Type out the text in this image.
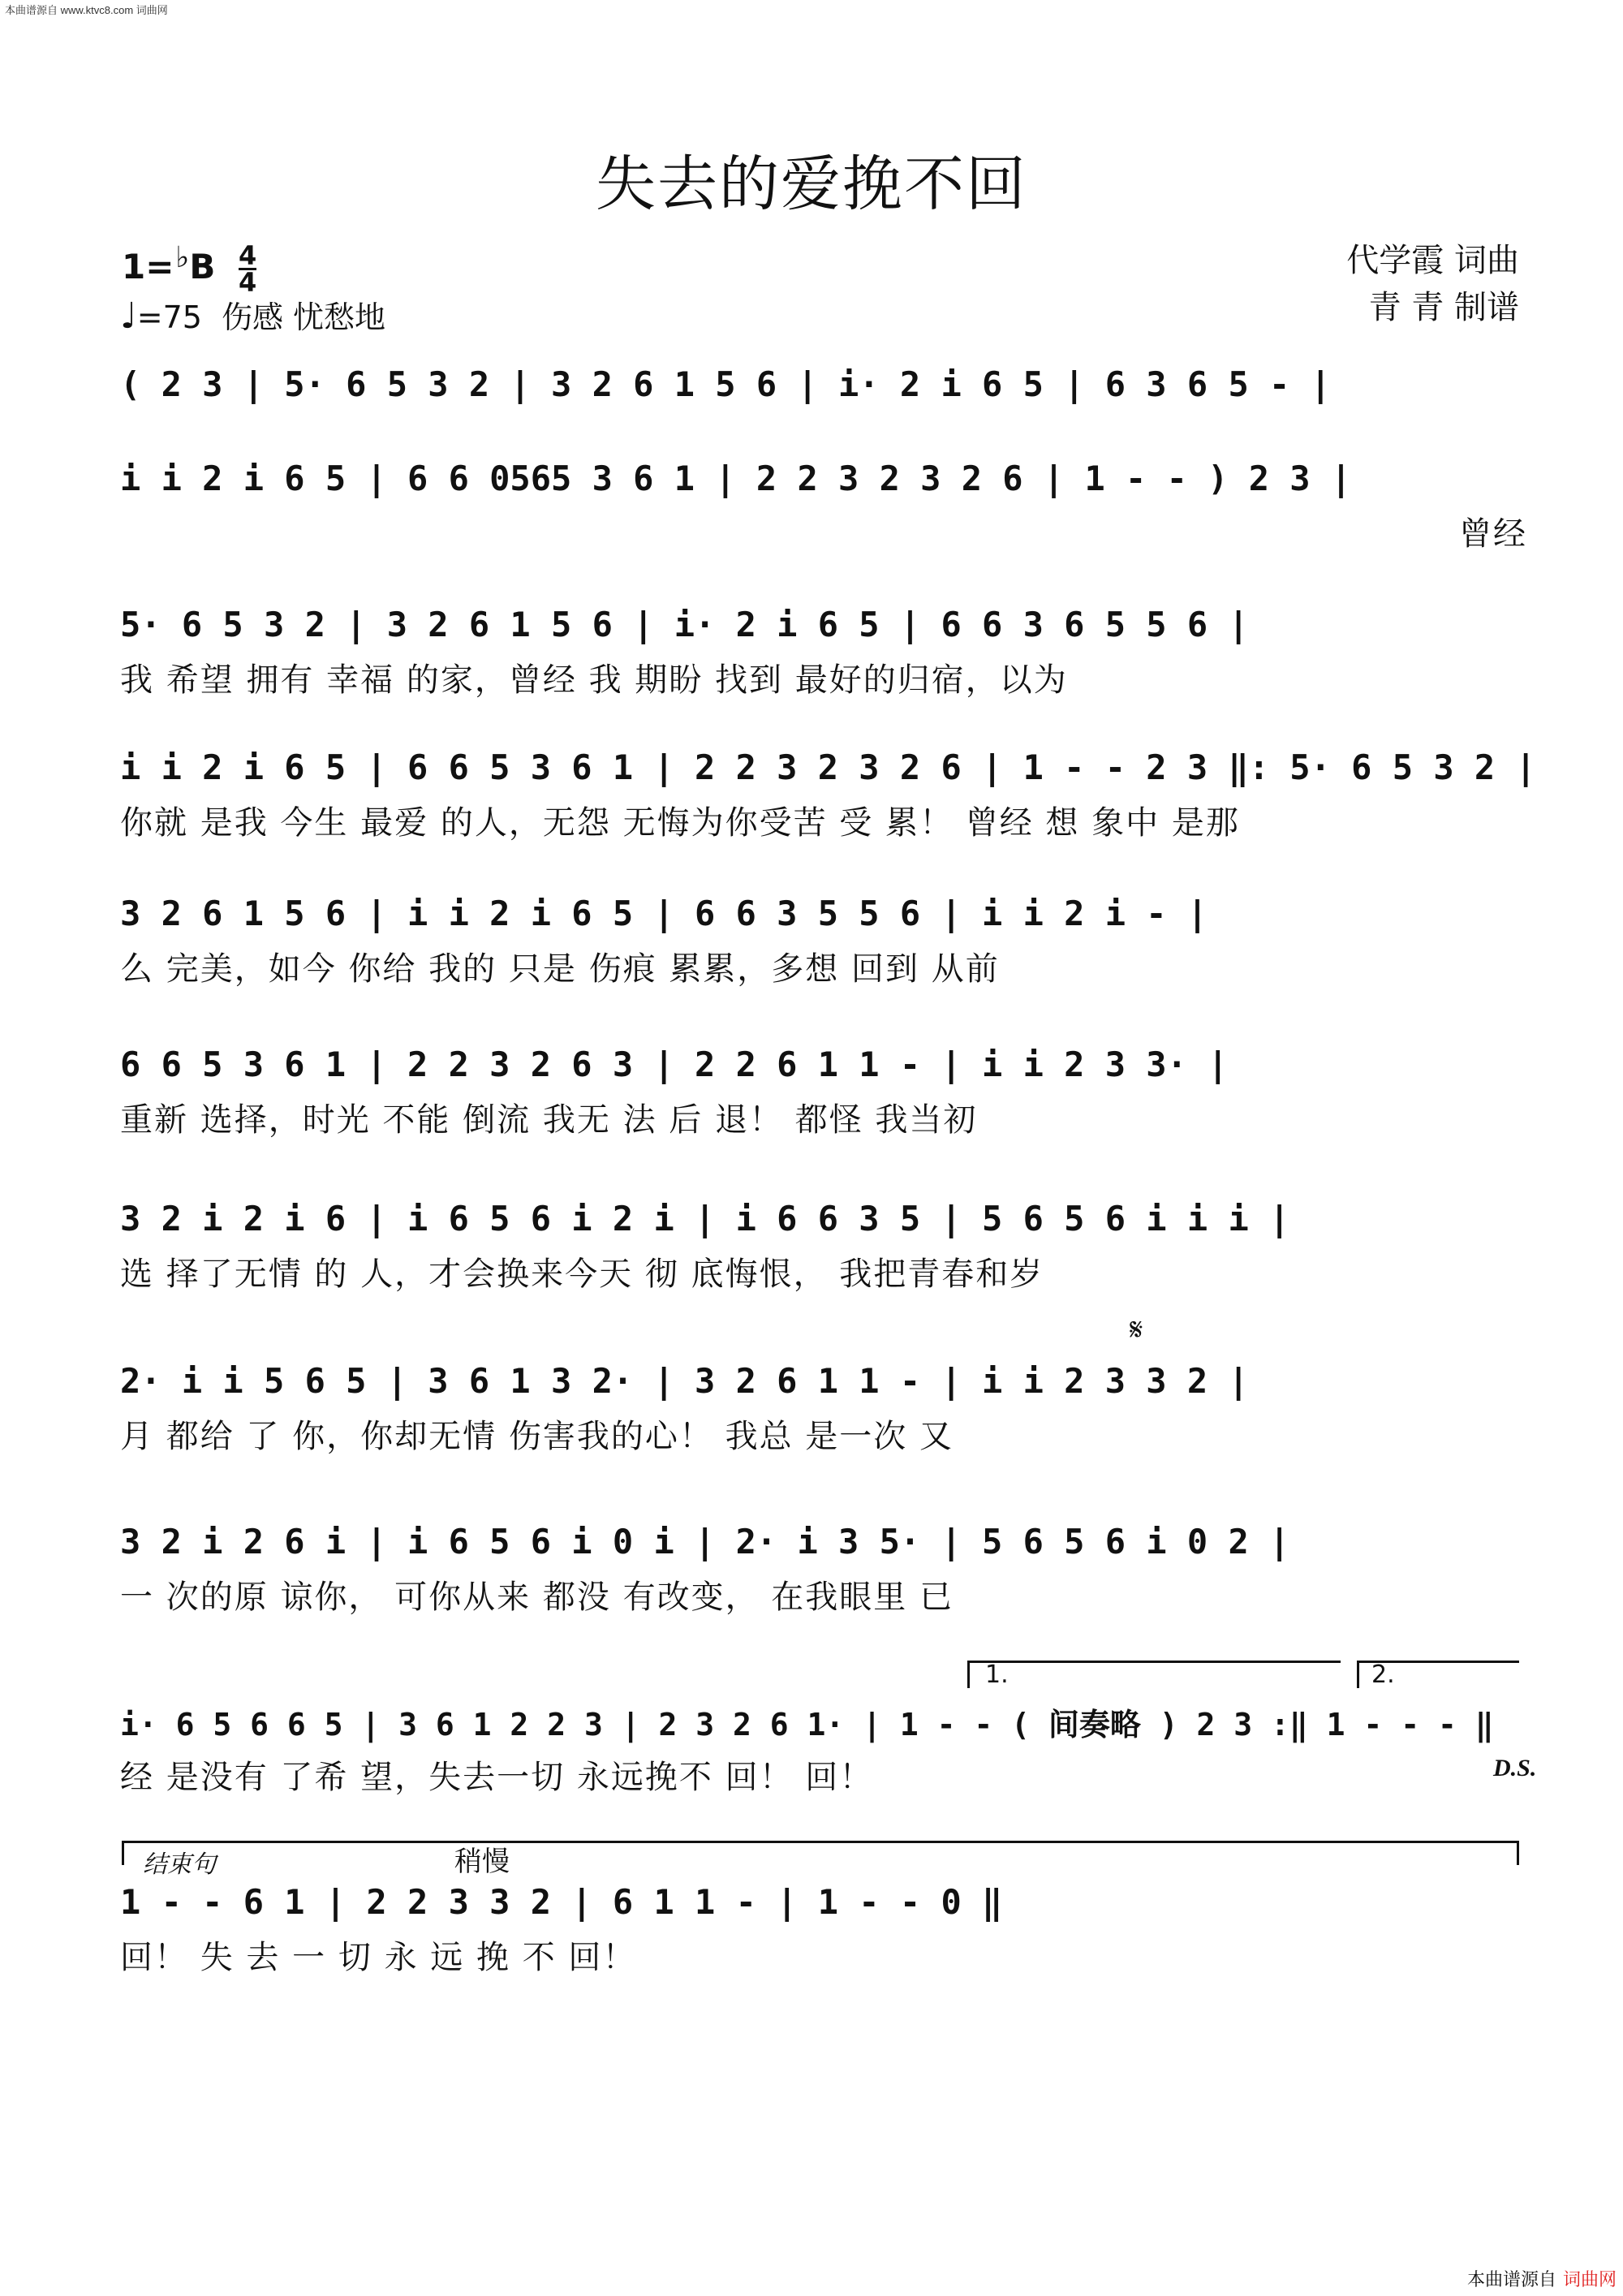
本曲谱源自 www.ktvc8.com 词曲网
失去的爱挽不回
1=♭B $\frac{4}{4}$
♩=75 伤感 忧愁地
代学霞 词曲
青 青 制谱
( 2 3 | 5· 6 5 3 2 | 3 2 6 1 5 6 | i· 2 i 6 5 | 6 3 6 5 - |
i i 2 i 6 5 | 6 6 0565 3 6 1 | 2 2 3 2 3 2 6 | 1 - - ) 2 3 |
曾经
5· 6 5 3 2 | 3 2 6 1 5 6 | i· 2 i 6 5 | 6 6 3 6 5 5 6 |
我 希望 拥有 幸福 的家，曾经 我 期盼 找到 最好的归宿，以为
i i 2 i 6 5 | 6 6 5 3 6 1 | 2 2 3 2 3 2 6 | 1 - - 2 3 ‖: 5· 6 5 3 2 |
你就 是我 今生 最爱 的人，无怨 无悔为你受苦 受 累！ 曾经 想 象中 是那
3 2 6 1 5 6 | i i 2 i 6 5 | 6 6 3 5 5 6 | i i 2 i - |
么 完美，如今 你给 我的 只是 伤痕 累累，多想 回到 从前
6 6 5 3 6 1 | 2 2 3 2 6 3 | 2 2 6 1 1 - | i i 2 3 3· |
重新 选择，时光 不能 倒流 我无 法 后 退！ 都怪 我当初
3 2 i 2 i 6 | i 6 5 6 i 2 i | i 6 6 3 5 | 5 6 5 6 i i i |
选 择了无情 的 人，才会换来今天 彻 底悔恨， 我把青春和岁
𝄋
2· i i 5 6 5 | 3 6 1 3 2· | 3 2 6 1 1 - | i i 2 3 3 2 |
月 都给 了 你，你却无情 伤害我的心！ 我总 是一次 又
3 2 i 2 6 i | i 6 5 6 i 0 i | 2· i 3 5· | 5 6 5 6 i 0 2 |
一 次的原 谅你， 可你从来 都没 有改变， 在我眼里 已
1.	2.
i· 6 5 6 6 5 | 3 6 1 2 2 3 | 2 3 2 6 1· | 1 - - ( 间奏略 ) 2 3 :‖ 1 - - - ‖
经 是没有 了希 望，失去一切 永远挽不 回！ 回！	D.S.
结束句	稍慢
1 - - 6 1 | 2 2 3 3 2 | 6 1 1 - | 1 - - 0 ‖
回！ 失 去 一 切 永 远 挽 不 回！
本曲谱源自 词曲网
